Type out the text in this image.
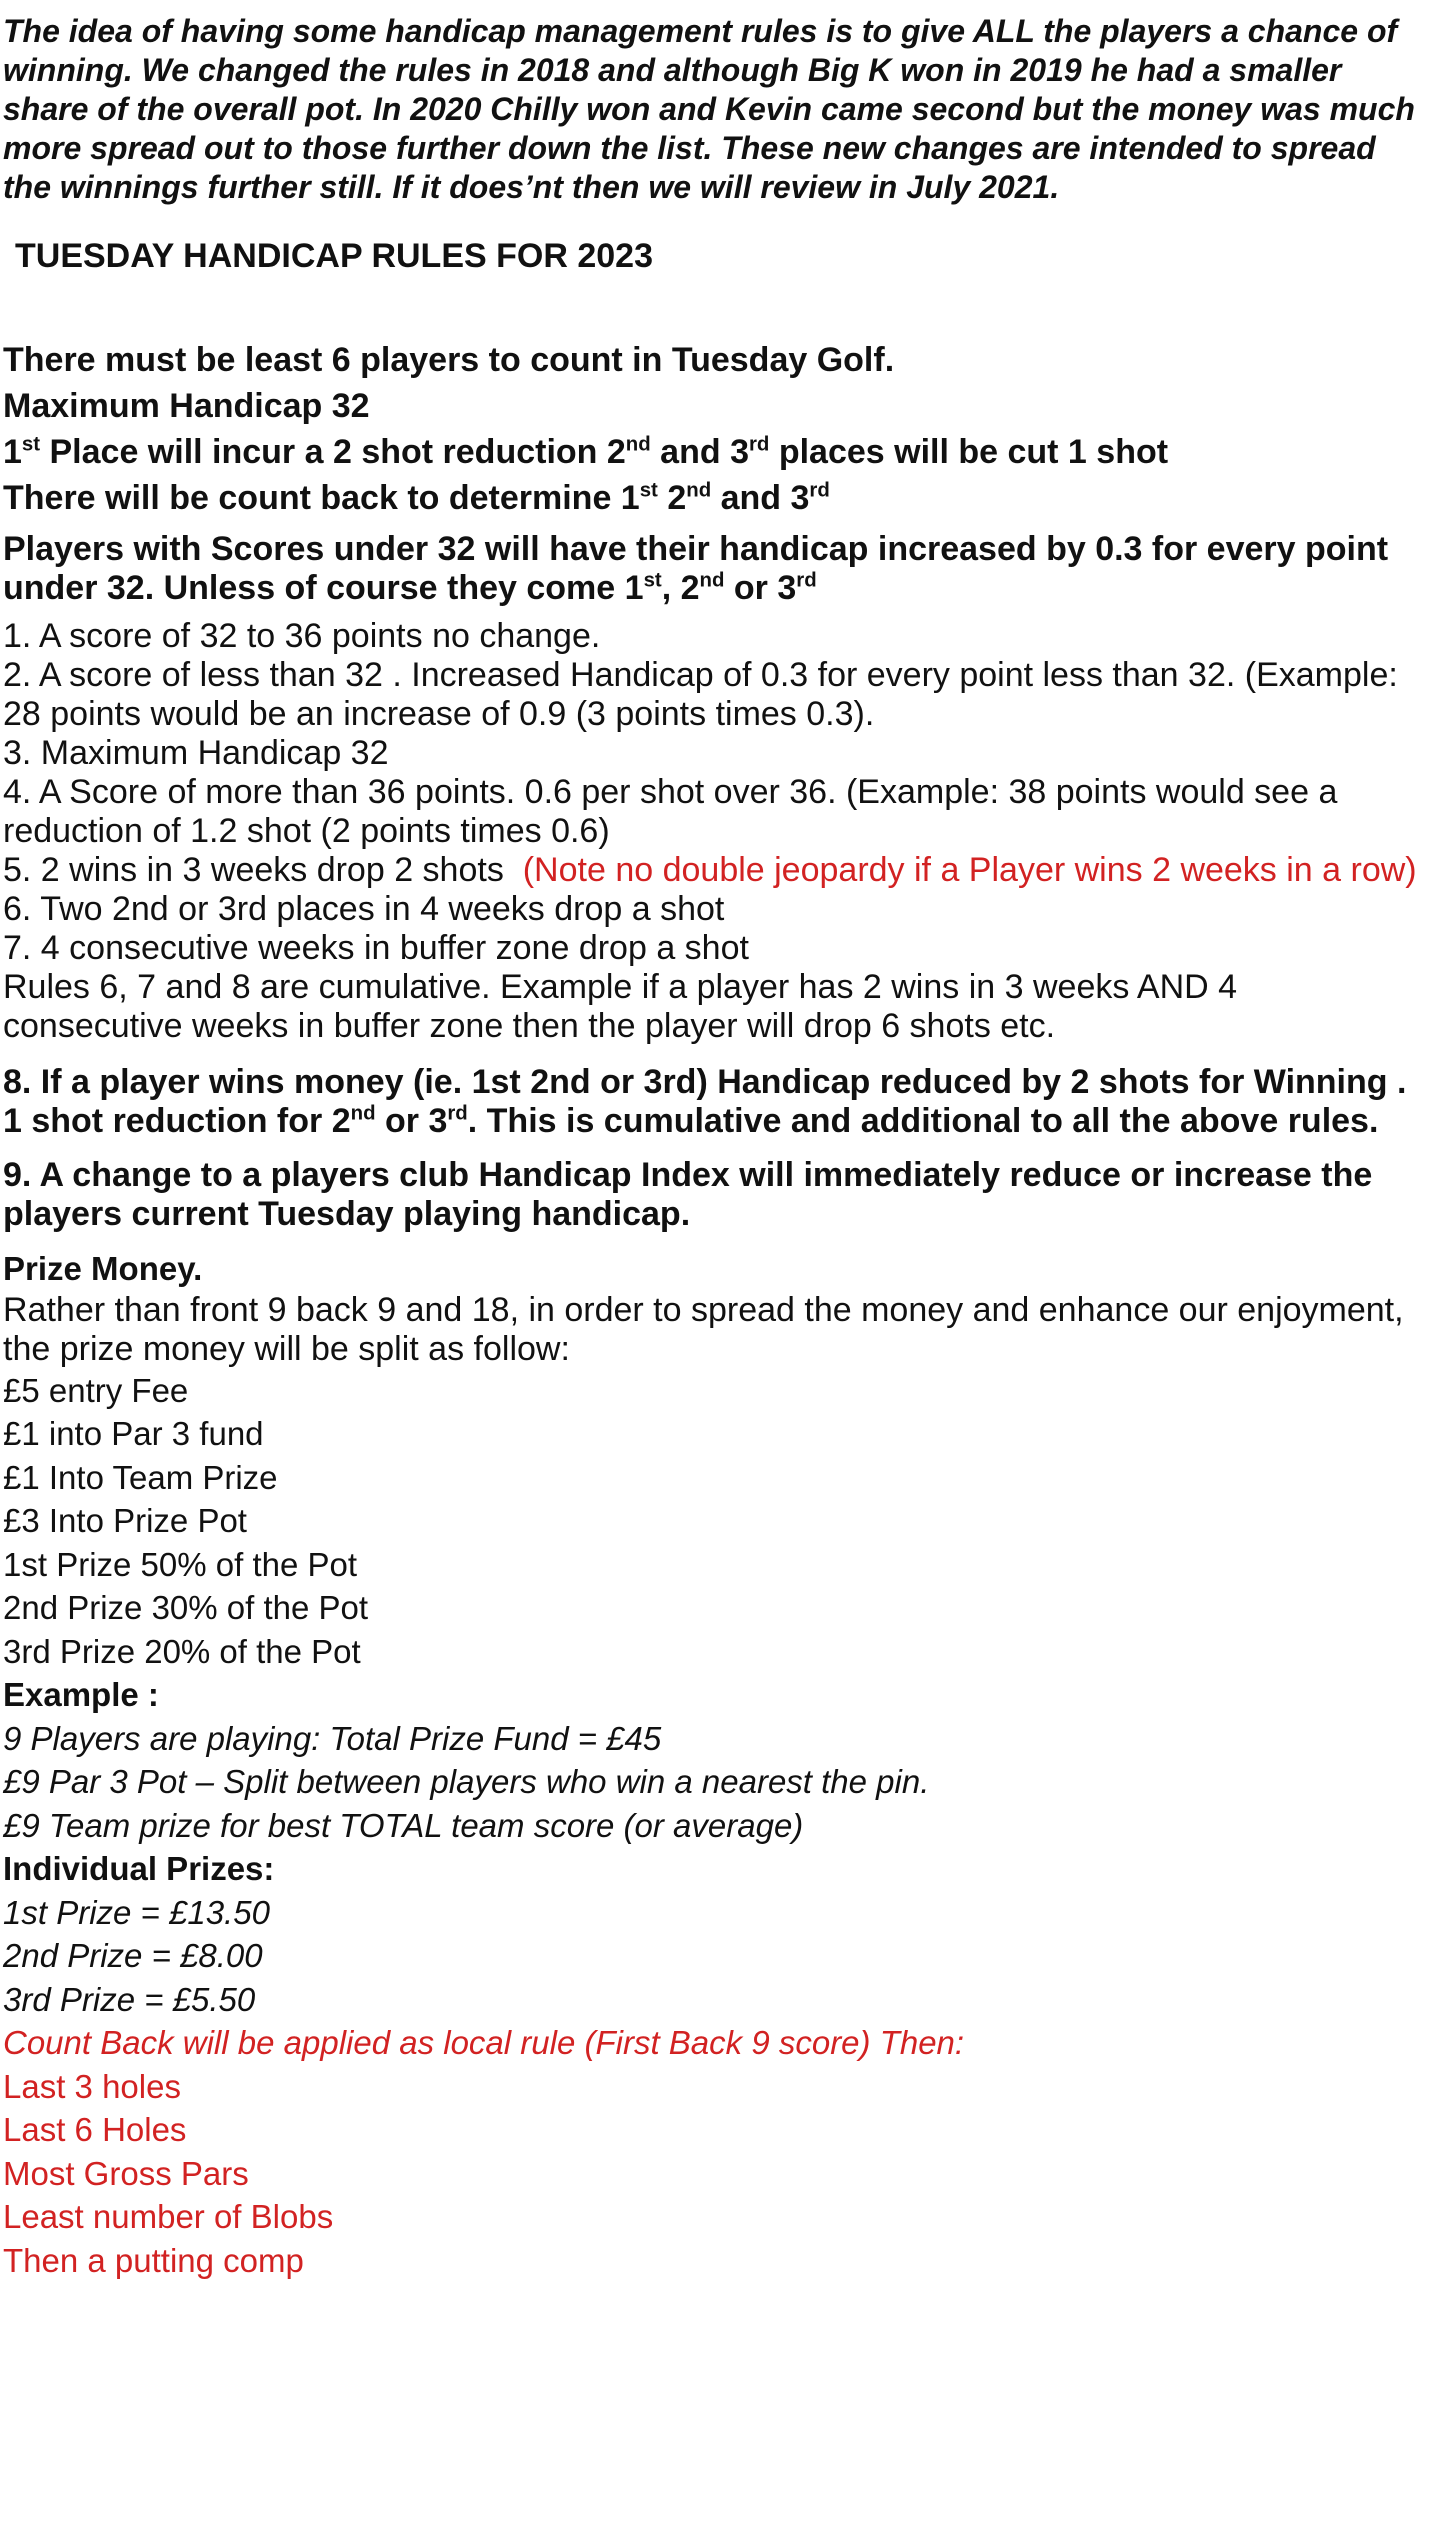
The idea of having some handicap management rules is to give ALL the players a chance of winning. We changed the rules in 2018 and although Big K won in 2019 he had a smaller share of the overall pot. In 2020 Chilly won and Kevin came second but the money was much more spread out to those further down the list. These new changes are intended to spread the winnings further still. If it does’nt then we will review in July 2021.

TUESDAY HANDICAP RULES FOR 2023

There must be least 6 players to count in Tuesday Golf.

Maximum Handicap 32

1st Place will incur a 2 shot reduction 2nd and 3rd places will be cut 1 shot

There will be count back to determine 1st 2nd and 3rd

Players with Scores under 32 will have their handicap increased by 0.3 for every point under 32. Unless of course they come 1st, 2nd or 3rd

1. A score of 32 to 36 points no change.

2. A score of less than 32 . Increased Handicap of 0.3 for every point less than 32. (Example: 28 points would be an increase of 0.9 (3 points times 0.3).

3. Maximum Handicap 32

4. A Score of more than 36 points. 0.6 per shot over 36. (Example: 38 points would see a reduction of 1.2 shot (2 points times 0.6)

5. 2 wins in 3 weeks drop 2 shots (Note no double jeopardy if a Player wins 2 weeks in a row)

6. Two 2nd or 3rd places in 4 weeks drop a shot

7. 4 consecutive weeks in buffer zone drop a shot

Rules 6, 7 and 8 are cumulative. Example if a player has 2 wins in 3 weeks AND 4 consecutive weeks in buffer zone then the player will drop 6 shots etc.

8. If a player wins money (ie. 1st 2nd or 3rd) Handicap reduced by 2 shots for Winning . 1 shot reduction for 2nd or 3rd. This is cumulative and additional to all the above rules.

9. A change to a players club Handicap Index will immediately reduce or increase the players current Tuesday playing handicap.

Prize Money.

Rather than front 9 back 9 and 18, in order to spread the money and enhance our enjoyment, the prize money will be split as follow:

£5 entry Fee

£1 into Par 3 fund

£1 Into Team Prize

£3 Into Prize Pot

1st Prize 50% of the Pot

2nd Prize 30% of the Pot

3rd Prize 20% of the Pot

Example :

9 Players are playing: Total Prize Fund = £45

£9 Par 3 Pot – Split between players who win a nearest the pin.

£9 Team prize for best TOTAL team score (or average)

Individual Prizes:

1st Prize = £13.50

2nd Prize = £8.00

3rd Prize = £5.50

Count Back will be applied as local rule (First Back 9 score) Then:

Last 3 holes

Last 6 Holes

Most Gross Pars

Least number of Blobs

Then a putting comp
